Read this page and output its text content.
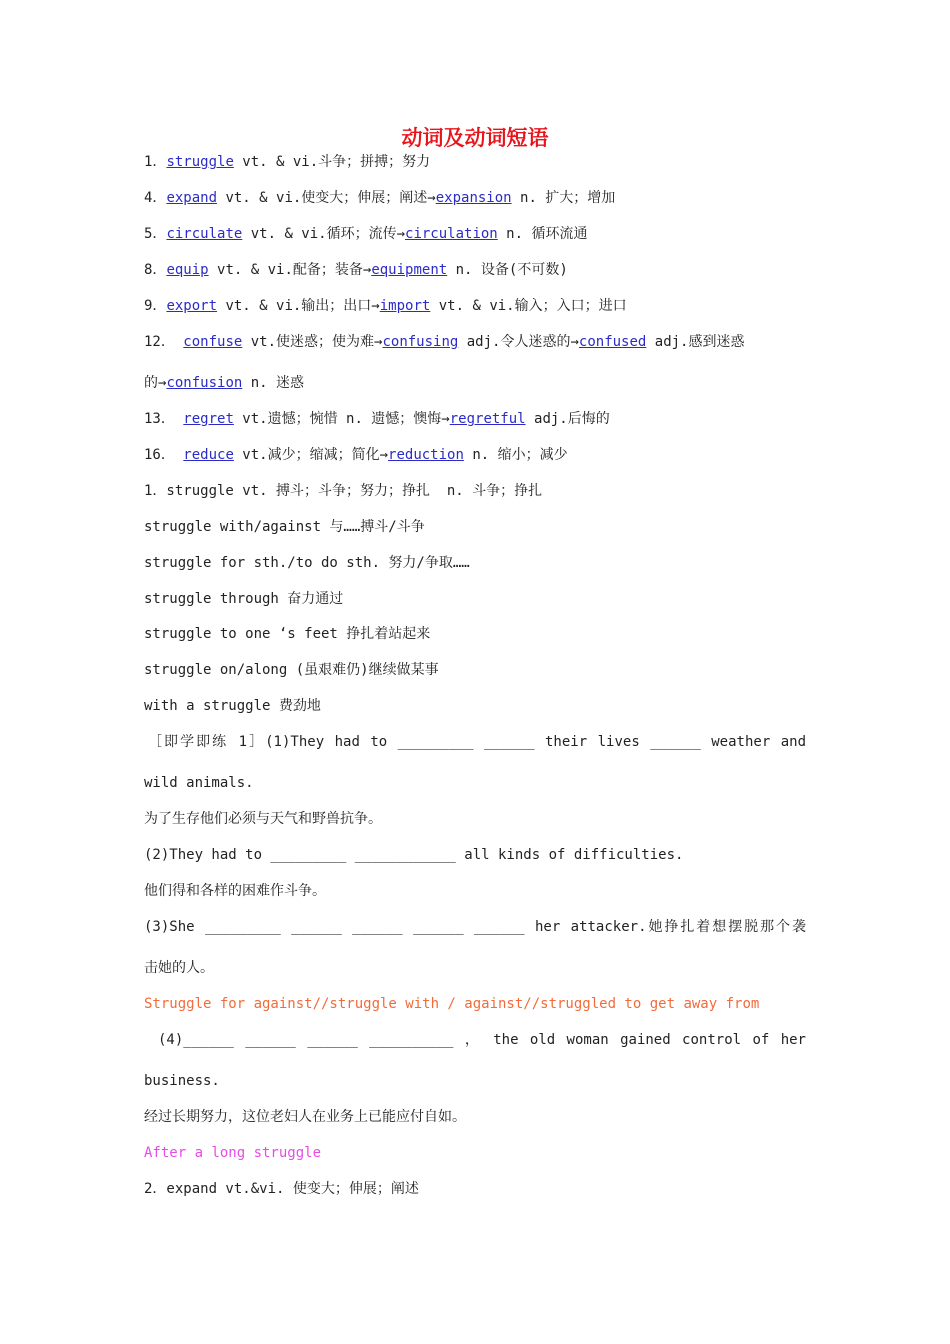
动词及动词短语
1．struggle vt. & vi.斗争；拼搏；努力
4．expand vt. & vi.使变大；伸展；阐述→expansion n. 扩大；增加
5．circulate vt. & vi.循环；流传→circulation n. 循环流通
8．equip vt. & vi.配备；装备→equipment n. 设备(不可数)
9．export vt. & vi.输出；出口→import vt. & vi.输入；入口；进口
12． confuse vt.使迷惑；使为难→confusing adj.令人迷惑的→confused adj.感到迷惑
的→confusion n. 迷惑
13． regret vt.遗憾；惋惜 n. 遗憾；懊悔→regretful adj.后悔的
16． reduce vt.减少；缩减；简化→reduction n. 缩小；减少
1．struggle vt. 搏斗；斗争；努力；挣扎  n. 斗争；挣扎
struggle with/against 与……搏斗/斗争
struggle for sth./to do sth. 努力/争取……
struggle through 奋力通过
struggle to one ‘s feet 挣扎着站起来
struggle on/along (虽艰难仍)继续做某事
with a struggle 费劲地
［即学即练 1］(1)They had to _________ ______ their lives ______ weather and
wild animals.
为了生存他们必须与天气和野兽抗争。
(2)They had to _________ ____________ all kinds of difficulties.
他们得和各样的困难作斗争。
(3)She _________ ______ ______ ______ ______ her attacker.她挣扎着想摆脱那个袭
击她的人。
Struggle for against//struggle with / against//struggled to get away from
(4)______ ______ ______ __________ ， the old woman gained control of her
business.
经过长期努力，这位老妇人在业务上已能应付自如。
After a long struggle
2．expand vt.&vi. 使变大；伸展；阐述
